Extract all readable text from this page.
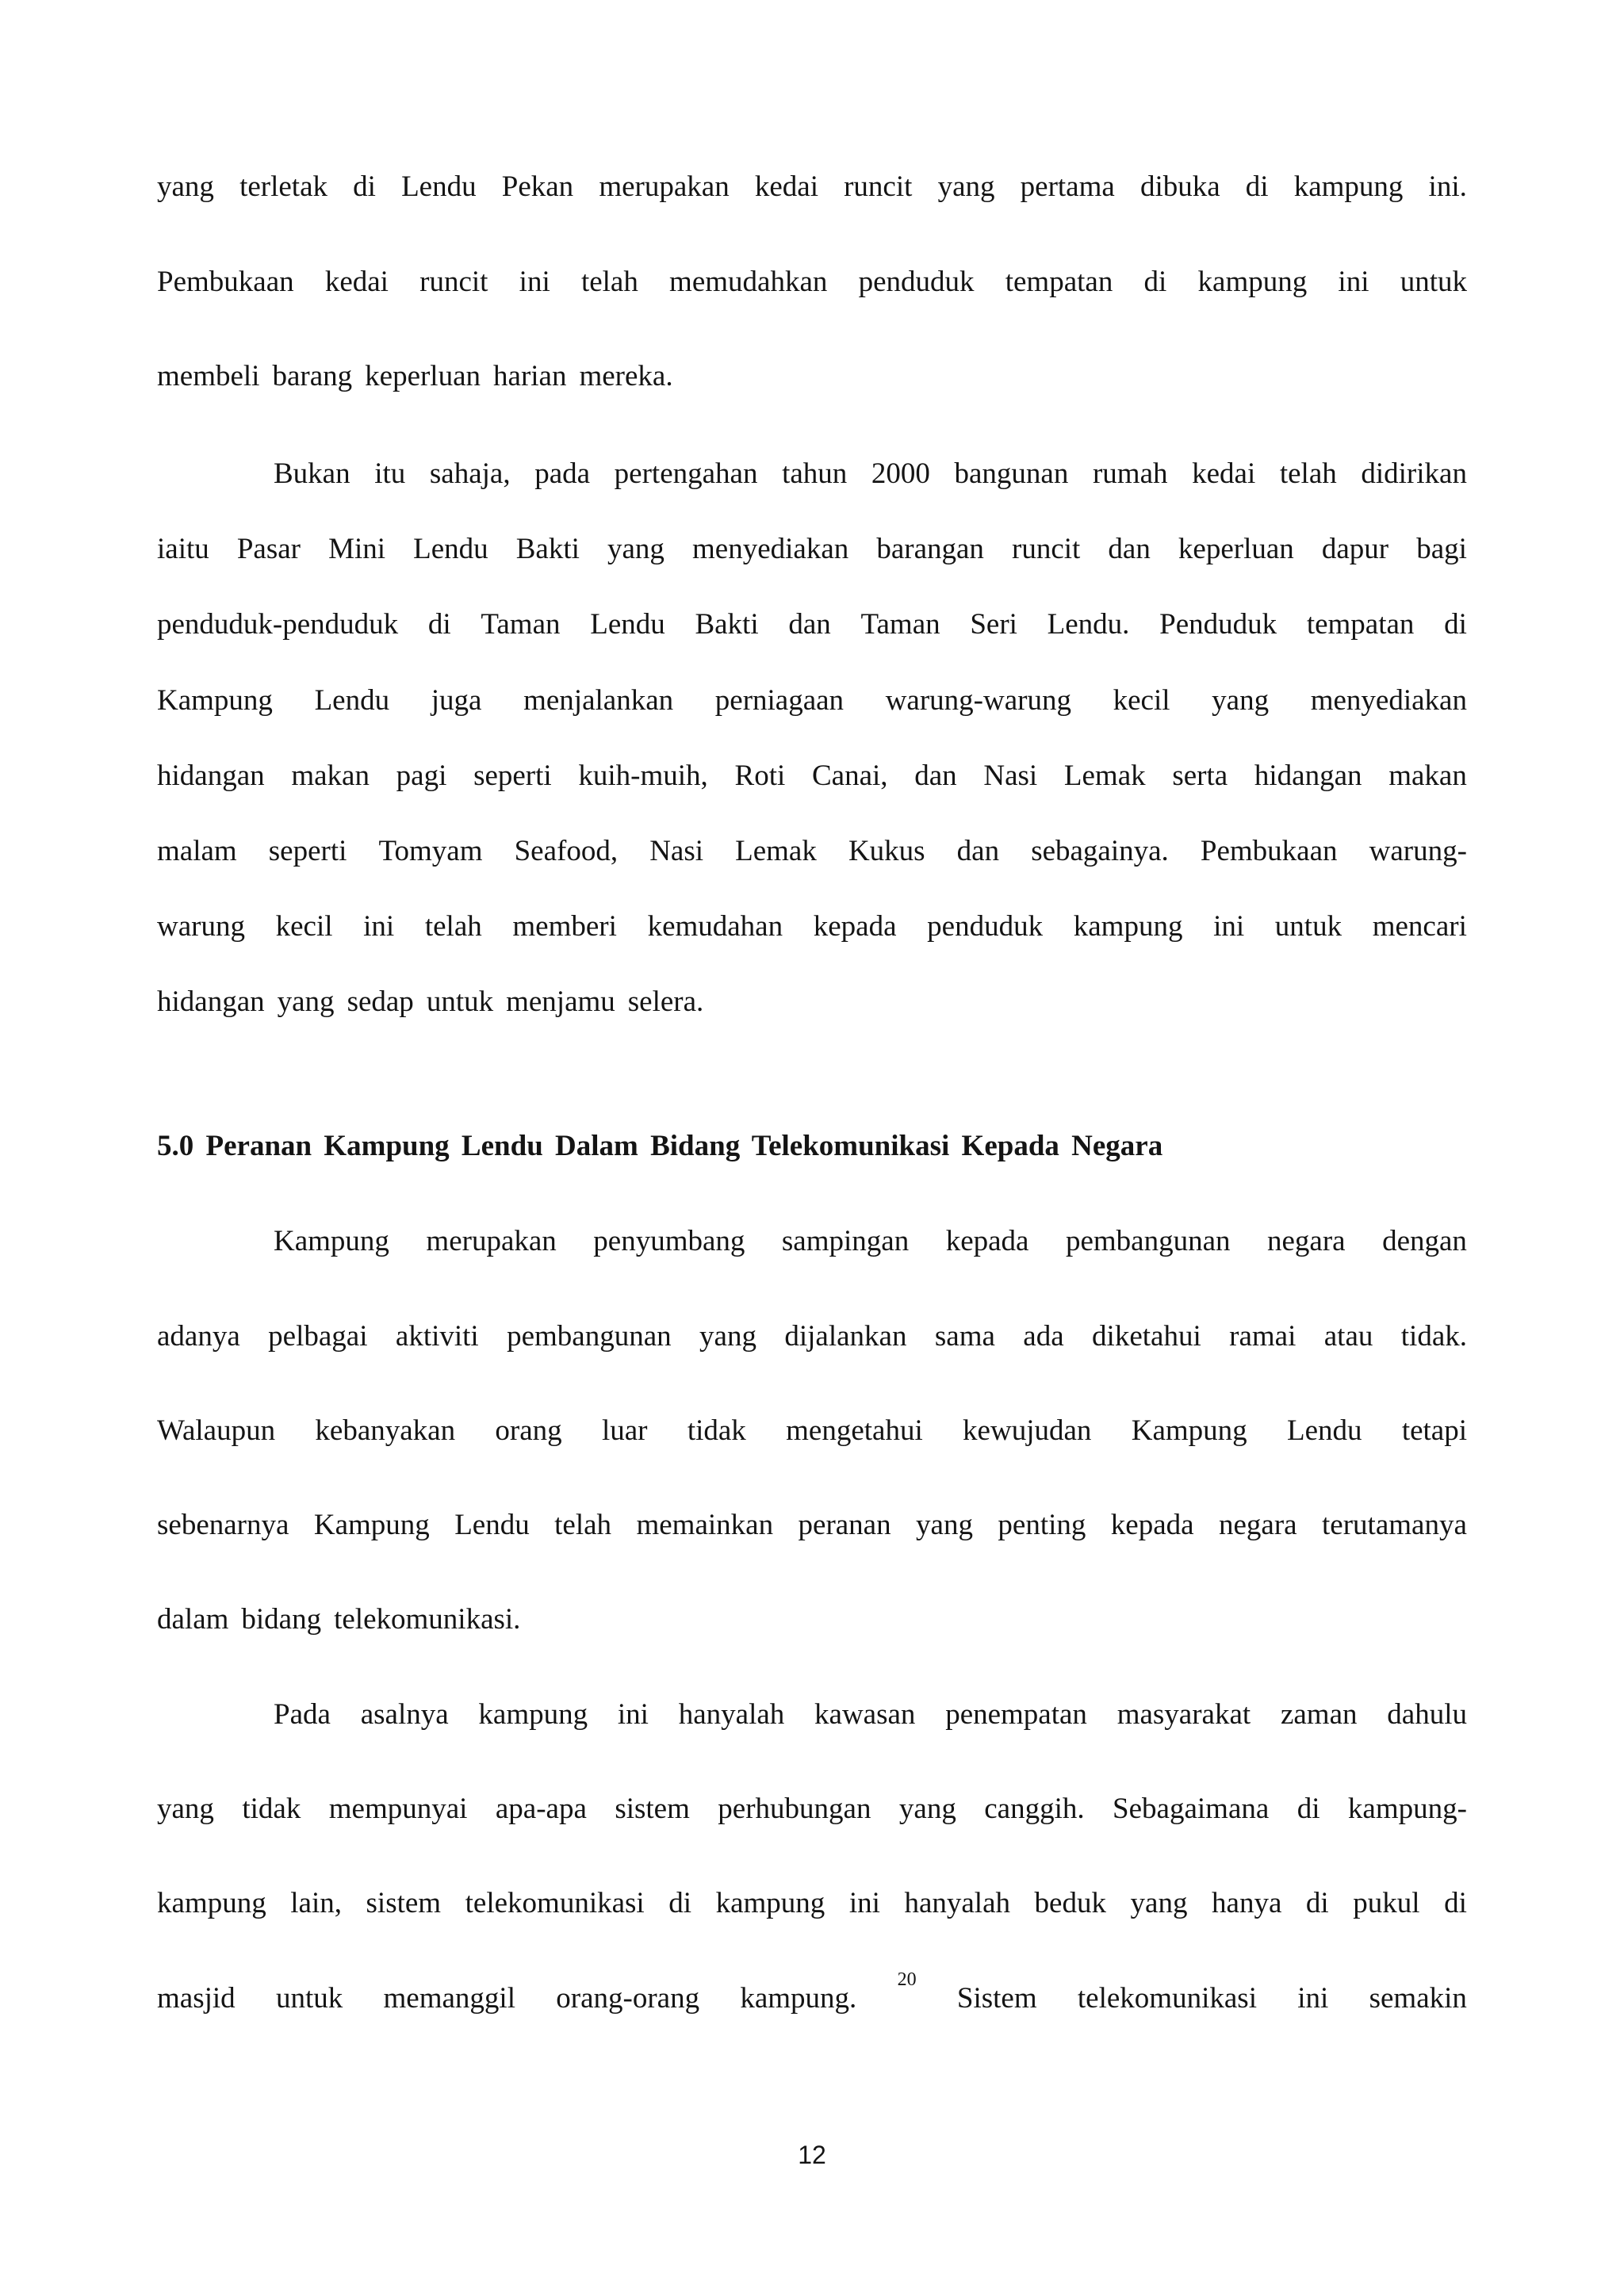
yang terletak di Lendu Pekan merupakan kedai runcit yang pertama dibuka di kampung ini.
Pembukaan kedai runcit ini telah memudahkan penduduk tempatan di kampung ini untuk
membeli barang keperluan harian mereka.
Bukan itu sahaja, pada pertengahan tahun 2000 bangunan rumah kedai telah didirikan
iaitu Pasar Mini Lendu Bakti yang menyediakan barangan runcit dan keperluan dapur bagi
penduduk-penduduk di Taman Lendu Bakti dan Taman Seri Lendu. Penduduk tempatan di
Kampung Lendu juga menjalankan perniagaan warung-warung kecil yang menyediakan
hidangan makan pagi seperti kuih-muih, Roti Canai, dan Nasi Lemak serta hidangan makan
malam seperti Tomyam Seafood, Nasi Lemak Kukus dan sebagainya. Pembukaan warung-
warung kecil ini telah memberi kemudahan kepada penduduk kampung ini untuk mencari
hidangan yang sedap untuk menjamu selera.
5.0 Peranan Kampung Lendu Dalam Bidang Telekomunikasi Kepada Negara
Kampung merupakan penyumbang sampingan kepada pembangunan negara dengan
adanya pelbagai aktiviti pembangunan yang dijalankan sama ada diketahui ramai atau tidak.
Walaupun kebanyakan orang luar tidak mengetahui kewujudan Kampung Lendu tetapi
sebenarnya Kampung Lendu telah memainkan peranan yang penting kepada negara terutamanya
dalam bidang telekomunikasi.
Pada asalnya kampung ini hanyalah kawasan penempatan masyarakat zaman dahulu
yang tidak mempunyai apa-apa sistem perhubungan yang canggih. Sebagaimana di kampung-
kampung lain, sistem telekomunikasi di kampung ini hanyalah beduk yang hanya di pukul di
masjid untuk memanggil orang-orang kampung.
20
Sistem telekomunikasi ini semakin
12
